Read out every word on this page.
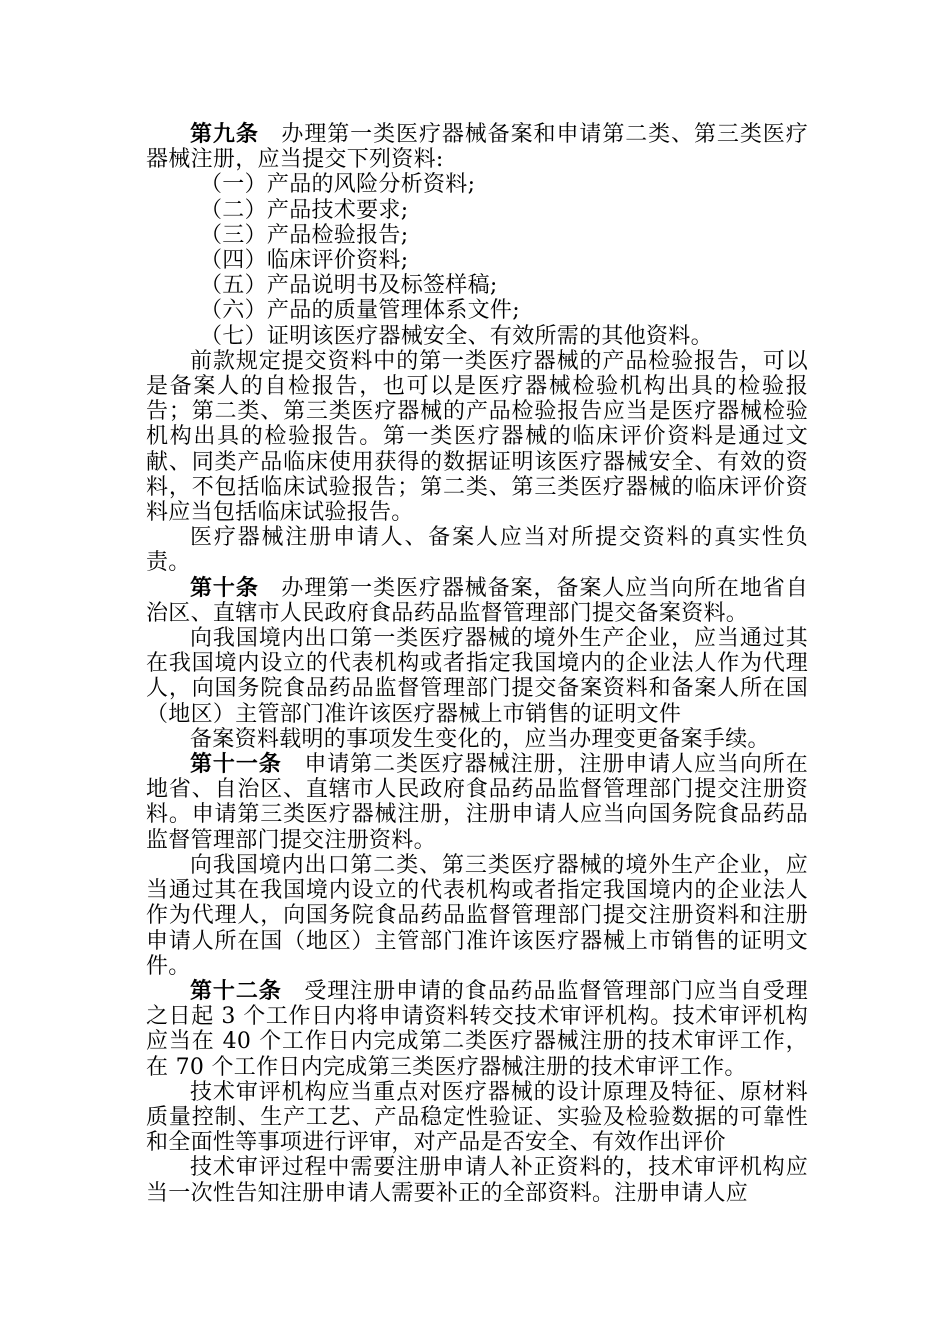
第九条 办理第一类医疗器械备案和申请第二类、第三类医疗器械注册，应当提交下列资料:

（一）产品的风险分析资料;

（二）产品技术要求;

（三）产品检验报告;

（四）临床评价资料;

（五）产品说明书及标签样稿;

（六）产品的质量管理体系文件;

（七）证明该医疗器械安全、有效所需的其他资料。

前款规定提交资料中的第一类医疗器械的产品检验报告，可以是备案人的自检报告，也可以是医疗器械检验机构出具的检验报告；第二类、第三类医疗器械的产品检验报告应当是医疗器械检验机构出具的检验报告。第一类医疗器械的临床评价资料是通过文献、同类产品临床使用获得的数据证明该医疗器械安全、有效的资料，不包括临床试验报告；第二类、第三类医疗器械的临床评价资料应当包括临床试验报告。

医疗器械注册申请人、备案人应当对所提交资料的真实性负责。

第十条 办理第一类医疗器械备案，备案人应当向所在地省自治区、直辖市人民政府食品药品监督管理部门提交备案资料。

向我国境内出口第一类医疗器械的境外生产企业，应当通过其在我国境内设立的代表机构或者指定我国境内的企业法人作为代理人，向国务院食品药品监督管理部门提交备案资料和备案人所在国（地区）主管部门准许该医疗器械上市销售的证明文件

备案资料载明的事项发生变化的，应当办理变更备案手续。

第十一条 申请第二类医疗器械注册，注册申请人应当向所在地省、自治区、直辖市人民政府食品药品监督管理部门提交注册资料。申请第三类医疗器械注册，注册申请人应当向国务院食品药品监督管理部门提交注册资料。

向我国境内出口第二类、第三类医疗器械的境外生产企业，应当通过其在我国境内设立的代表机构或者指定我国境内的企业法人作为代理人，向国务院食品药品监督管理部门提交注册资料和注册申请人所在国（地区）主管部门准许该医疗器械上市销售的证明文件。

第十二条 受理注册申请的食品药品监督管理部门应当自受理之日起 3 个工作日内将申请资料转交技术审评机构。技术审评机构应当在 40 个工作日内完成第二类医疗器械注册的技术审评工作，在 70 个工作日内完成第三类医疗器械注册的技术审评工作。

技术审评机构应当重点对医疗器械的设计原理及特征、原材料质量控制、生产工艺、产品稳定性验证、实验及检验数据的可靠性和全面性等事项进行评审，对产品是否安全、有效作出评价

技术审评过程中需要注册申请人补正资料的，技术审评机构应当一次性告知注册申请人需要补正的全部资料。注册申请人应
